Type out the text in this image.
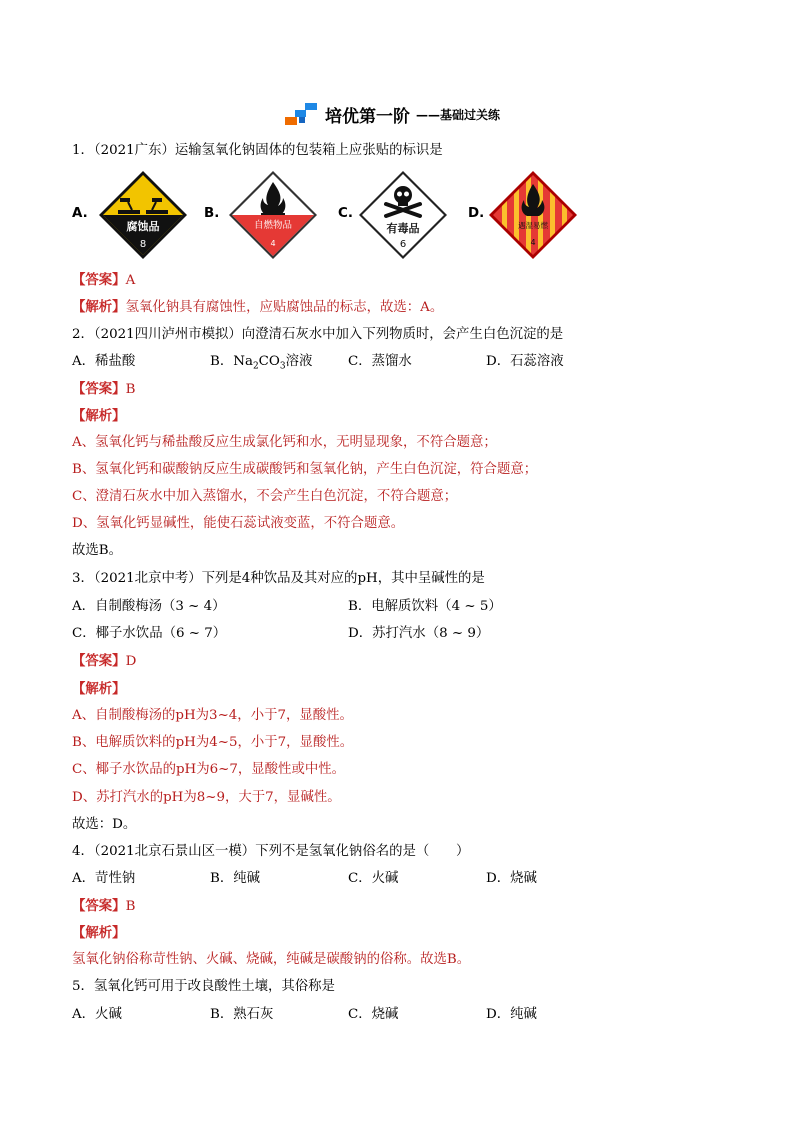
培优第一阶 ——基础过关练
1．（2021广东）运输氢氧化钠固体的包装箱上应张贴的标识是
A.
腐蚀品
8
B.
自燃物品
4
C.
有毒品
6
D.
遇湿易燃
4
【答案】A
【解析】氢氧化钠具有腐蚀性，应贴腐蚀品的标志，故选：A。
2．（2021四川泸州市模拟）向澄清石灰水中加入下列物质时，会产生白色沉淀的是
A．稀盐酸	B．$Na_2CO_3$溶液	C．蒸馏水	D．石蕊溶液
【答案】B
【解析】
A、氢氧化钙与稀盐酸反应生成氯化钙和水，无明显现象，不符合题意；
B、氢氧化钙和碳酸钠反应生成碳酸钙和氢氧化钠，产生白色沉淀，符合题意；
C、澄清石灰水中加入蒸馏水，不会产生白色沉淀，不符合题意；
D、氢氧化钙显碱性，能使石蕊试液变蓝，不符合题意。
故选B。
3．（2021北京中考）下列是4种饮品及其对应的pH，其中呈碱性的是
A．自制酸梅汤（3 ~ 4）	B．电解质饮料（4 ~ 5）
C．椰子水饮品（6 ~ 7）	D．苏打汽水（8 ~ 9）
【答案】D
【解析】
A、自制酸梅汤的pH为3~4，小于7，显酸性。
B、电解质饮料的pH为4~5，小于7，显酸性。
C、椰子水饮品的pH为6~7，显酸性或中性。
D、苏打汽水的pH为8~9，大于7，显碱性。
故选：D。
4．（2021北京石景山区一模）下列不是氢氧化钠俗名的是（　　）
A．苛性钠	B．纯碱	C．火碱	D．烧碱
【答案】B
【解析】
氢氧化钠俗称苛性钠、火碱、烧碱，纯碱是碳酸钠的俗称。故选B。
5．氢氧化钙可用于改良酸性土壤，其俗称是
A．火碱	B．熟石灰	C．烧碱	D．纯碱
